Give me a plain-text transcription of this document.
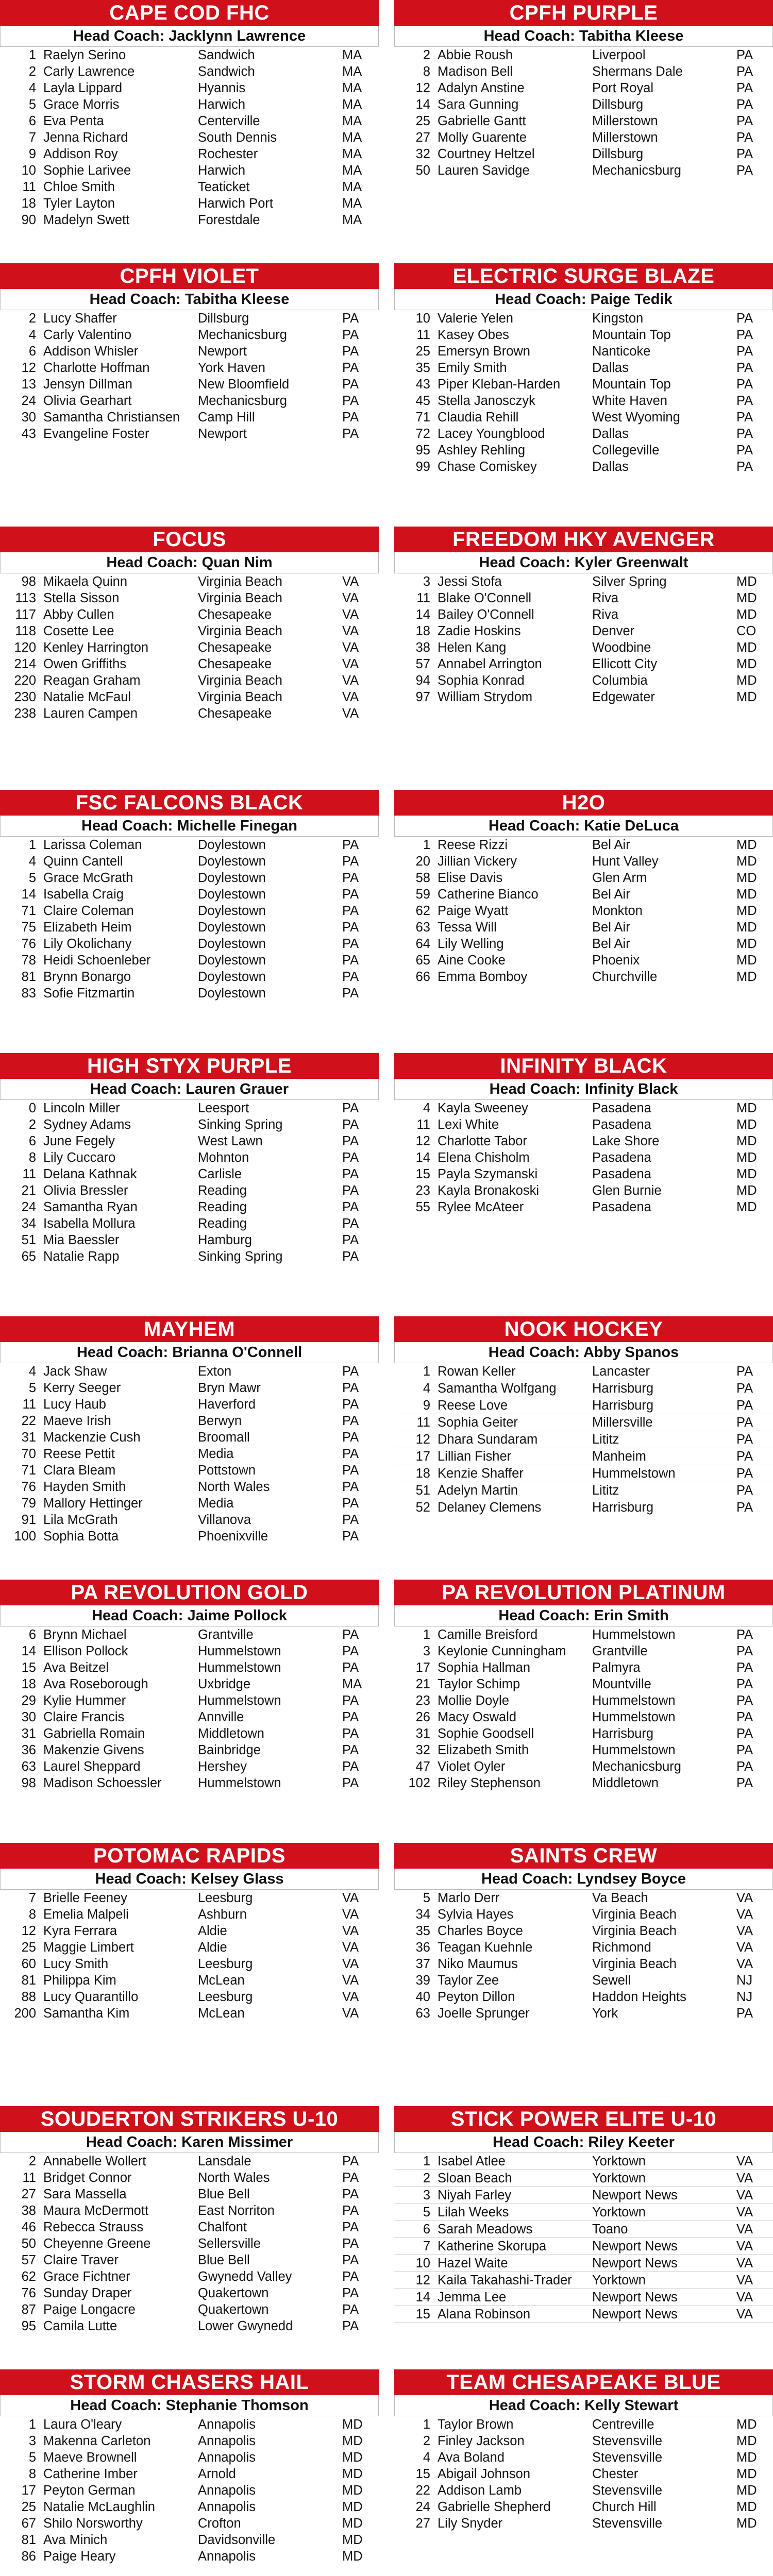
CAPE COD FHC
Head Coach: Jacklynn Lawrence
1	Raelyn Serino	Sandwich	MA
2	Carly Lawrence	Sandwich	MA
4	Layla Lippard	Hyannis	MA
5	Grace Morris	Harwich	MA
6	Eva Penta	Centerville	MA
7	Jenna Richard	South Dennis	MA
9	Addison Roy	Rochester	MA
10	Sophie Larivee	Harwich	MA
11	Chloe Smith	Teaticket	MA
18	Tyler Layton	Harwich Port	MA
90	Madelyn Swett	Forestdale	MA
CPFH PURPLE
Head Coach: Tabitha Kleese
2	Abbie Roush	Liverpool	PA
8	Madison Bell	Shermans Dale	PA
12	Adalyn Anstine	Port Royal	PA
14	Sara Gunning	Dillsburg	PA
25	Gabrielle Gantt	Millerstown	PA
27	Molly Guarente	Millerstown	PA
32	Courtney Heltzel	Dillsburg	PA
50	Lauren Savidge	Mechanicsburg	PA
CPFH VIOLET
Head Coach: Tabitha Kleese
2	Lucy Shaffer	Dillsburg	PA
4	Carly Valentino	Mechanicsburg	PA
6	Addison Whisler	Newport	PA
12	Charlotte Hoffman	York Haven	PA
13	Jensyn Dillman	New Bloomfield	PA
24	Olivia Gearhart	Mechanicsburg	PA
30	Samantha Christiansen	Camp Hill	PA
43	Evangeline Foster	Newport	PA
ELECTRIC SURGE BLAZE
Head Coach: Paige Tedik
10	Valerie Yelen	Kingston	PA
11	Kasey Obes	Mountain Top	PA
25	Emersyn Brown	Nanticoke	PA
35	Emily Smith	Dallas	PA
43	Piper Kleban-Harden	Mountain Top	PA
45	Stella Janosczyk	White Haven	PA
71	Claudia Rehill	West Wyoming	PA
72	Lacey Youngblood	Dallas	PA
95	Ashley Rehling	Collegeville	PA
99	Chase Comiskey	Dallas	PA
FOCUS
Head Coach: Quan Nim
98	Mikaela Quinn	Virginia Beach	VA
113	Stella Sisson	Virginia Beach	VA
117	Abby Cullen	Chesapeake	VA
118	Cosette Lee	Virginia Beach	VA
120	Kenley Harrington	Chesapeake	VA
214	Owen Griffiths	Chesapeake	VA
220	Reagan Graham	Virginia Beach	VA
230	Natalie McFaul	Virginia Beach	VA
238	Lauren Campen	Chesapeake	VA
FREEDOM HKY AVENGER
Head Coach: Kyler Greenwalt
3	Jessi Stofa	Silver Spring	MD
11	Blake O'Connell	Riva	MD
14	Bailey O'Connell	Riva	MD
18	Zadie Hoskins	Denver	CO
38	Helen Kang	Woodbine	MD
57	Annabel Arrington	Ellicott City	MD
94	Sophia Konrad	Columbia	MD
97	William Strydom	Edgewater	MD
FSC FALCONS BLACK
Head Coach: Michelle Finegan
1	Larissa Coleman	Doylestown	PA
4	Quinn Cantell	Doylestown	PA
5	Grace McGrath	Doylestown	PA
14	Isabella Craig	Doylestown	PA
71	Claire Coleman	Doylestown	PA
75	Elizabeth Heim	Doylestown	PA
76	Lily Okolichany	Doylestown	PA
78	Heidi Schoenleber	Doylestown	PA
81	Brynn Bonargo	Doylestown	PA
83	Sofie Fitzmartin	Doylestown	PA
H2O
Head Coach: Katie DeLuca
1	Reese Rizzi	Bel Air	MD
20	Jillian Vickery	Hunt Valley	MD
58	Elise Davis	Glen Arm	MD
59	Catherine Bianco	Bel Air	MD
62	Paige Wyatt	Monkton	MD
63	Tessa Will	Bel Air	MD
64	Lily Welling	Bel Air	MD
65	Aine Cooke	Phoenix	MD
66	Emma Bomboy	Churchville	MD
HIGH STYX PURPLE
Head Coach: Lauren Grauer
0	Lincoln Miller	Leesport	PA
2	Sydney Adams	Sinking Spring	PA
6	June Fegely	West Lawn	PA
8	Lily Cuccaro	Mohnton	PA
11	Delana Kathnak	Carlisle	PA
21	Olivia Bressler	Reading	PA
24	Samantha Ryan	Reading	PA
34	Isabella Mollura	Reading	PA
51	Mia Baessler	Hamburg	PA
65	Natalie Rapp	Sinking Spring	PA
INFINITY BLACK
Head Coach: Infinity Black
4	Kayla Sweeney	Pasadena	MD
11	Lexi White	Pasadena	MD
12	Charlotte Tabor	Lake Shore	MD
14	Elena Chisholm	Pasadena	MD
15	Payla Szymanski	Pasadena	MD
23	Kayla Bronakoski	Glen Burnie	MD
55	Rylee McAteer	Pasadena	MD
MAYHEM
Head Coach: Brianna O'Connell
4	Jack Shaw	Exton	PA
5	Kerry Seeger	Bryn Mawr	PA
11	Lucy Haub	Haverford	PA
22	Maeve Irish	Berwyn	PA
31	Mackenzie Cush	Broomall	PA
70	Reese Pettit	Media	PA
71	Clara Bleam	Pottstown	PA
76	Hayden Smith	North Wales	PA
79	Mallory Hettinger	Media	PA
91	Lila McGrath	Villanova	PA
100	Sophia Botta	Phoenixville	PA
NOOK HOCKEY
Head Coach: Abby Spanos
1	Rowan Keller	Lancaster	PA
4	Samantha Wolfgang	Harrisburg	PA
9	Reese Love	Harrisburg	PA
11	Sophia Geiter	Millersville	PA
12	Dhara Sundaram	Lititz	PA
17	Lillian Fisher	Manheim	PA
18	Kenzie Shaffer	Hummelstown	PA
51	Adelyn Martin	Lititz	PA
52	Delaney Clemens	Harrisburg	PA
PA REVOLUTION GOLD
Head Coach: Jaime Pollock
6	Brynn Michael	Grantville	PA
14	Ellison Pollock	Hummelstown	PA
15	Ava Beitzel	Hummelstown	PA
18	Ava Roseborough	Uxbridge	MA
29	Kylie Hummer	Hummelstown	PA
30	Claire Francis	Annville	PA
31	Gabriella Romain	Middletown	PA
36	Makenzie Givens	Bainbridge	PA
63	Laurel Sheppard	Hershey	PA
98	Madison Schoessler	Hummelstown	PA
PA REVOLUTION PLATINUM
Head Coach: Erin Smith
1	Camille Breisford	Hummelstown	PA
3	Keylonie Cunningham	Grantville	PA
17	Sophia Hallman	Palmyra	PA
21	Taylor Schimp	Mountville	PA
23	Mollie Doyle	Hummelstown	PA
26	Macy Oswald	Hummelstown	PA
31	Sophie Goodsell	Harrisburg	PA
32	Elizabeth Smith	Hummelstown	PA
47	Violet Oyler	Mechanicsburg	PA
102	Riley Stephenson	Middletown	PA
POTOMAC RAPIDS
Head Coach: Kelsey Glass
7	Brielle Feeney	Leesburg	VA
8	Emelia Malpeli	Ashburn	VA
12	Kyra Ferrara	Aldie	VA
25	Maggie Limbert	Aldie	VA
60	Lucy Smith	Leesburg	VA
81	Philippa Kim	McLean	VA
88	Lucy Quarantillo	Leesburg	VA
200	Samantha Kim	McLean	VA
SAINTS CREW
Head Coach: Lyndsey Boyce
5	Marlo Derr	Va Beach	VA
34	Sylvia Hayes	Virginia Beach	VA
35	Charles Boyce	Virginia Beach	VA
36	Teagan Kuehnle	Richmond	VA
37	Niko Maumus	Virginia Beach	VA
39	Taylor Zee	Sewell	NJ
40	Peyton Dillon	Haddon Heights	NJ
63	Joelle Sprunger	York	PA
SOUDERTON STRIKERS U-10
Head Coach: Karen Missimer
2	Annabelle Wollert	Lansdale	PA
11	Bridget Connor	North Wales	PA
27	Sara Massella	Blue Bell	PA
38	Maura McDermott	East Norriton	PA
46	Rebecca Strauss	Chalfont	PA
50	Cheyenne Greene	Sellersville	PA
57	Claire Traver	Blue Bell	PA
62	Grace Fichtner	Gwynedd Valley	PA
76	Sunday Draper	Quakertown	PA
87	Paige Longacre	Quakertown	PA
95	Camila Lutte	Lower Gwynedd	PA
STICK POWER ELITE U-10
Head Coach: Riley Keeter
1	Isabel Atlee	Yorktown	VA
2	Sloan Beach	Yorktown	VA
3	Niyah Farley	Newport News	VA
5	Lilah Weeks	Yorktown	VA
6	Sarah Meadows	Toano	VA
7	Katherine Skorupa	Newport News	VA
10	Hazel Waite	Newport News	VA
12	Kaila Takahashi-Trader	Yorktown	VA
14	Jemma Lee	Newport News	VA
15	Alana Robinson	Newport News	VA
STORM CHASERS HAIL
Head Coach: Stephanie Thomson
1	Laura O'leary	Annapolis	MD
3	Makenna Carleton	Annapolis	MD
5	Maeve Brownell	Annapolis	MD
8	Catherine Imber	Arnold	MD
17	Peyton German	Annapolis	MD
25	Natalie McLaughlin	Annapolis	MD
67	Shilo Norsworthy	Crofton	MD
81	Ava Minich	Davidsonville	MD
86	Paige Heary	Annapolis	MD
TEAM CHESAPEAKE BLUE
Head Coach: Kelly Stewart
1	Taylor Brown	Centreville	MD
2	Finley Jackson	Stevensville	MD
4	Ava Boland	Stevensville	MD
15	Abigail Johnson	Chester	MD
22	Addison Lamb	Stevensville	MD
24	Gabrielle Shepherd	Church Hill	MD
27	Lily Snyder	Stevensville	MD
